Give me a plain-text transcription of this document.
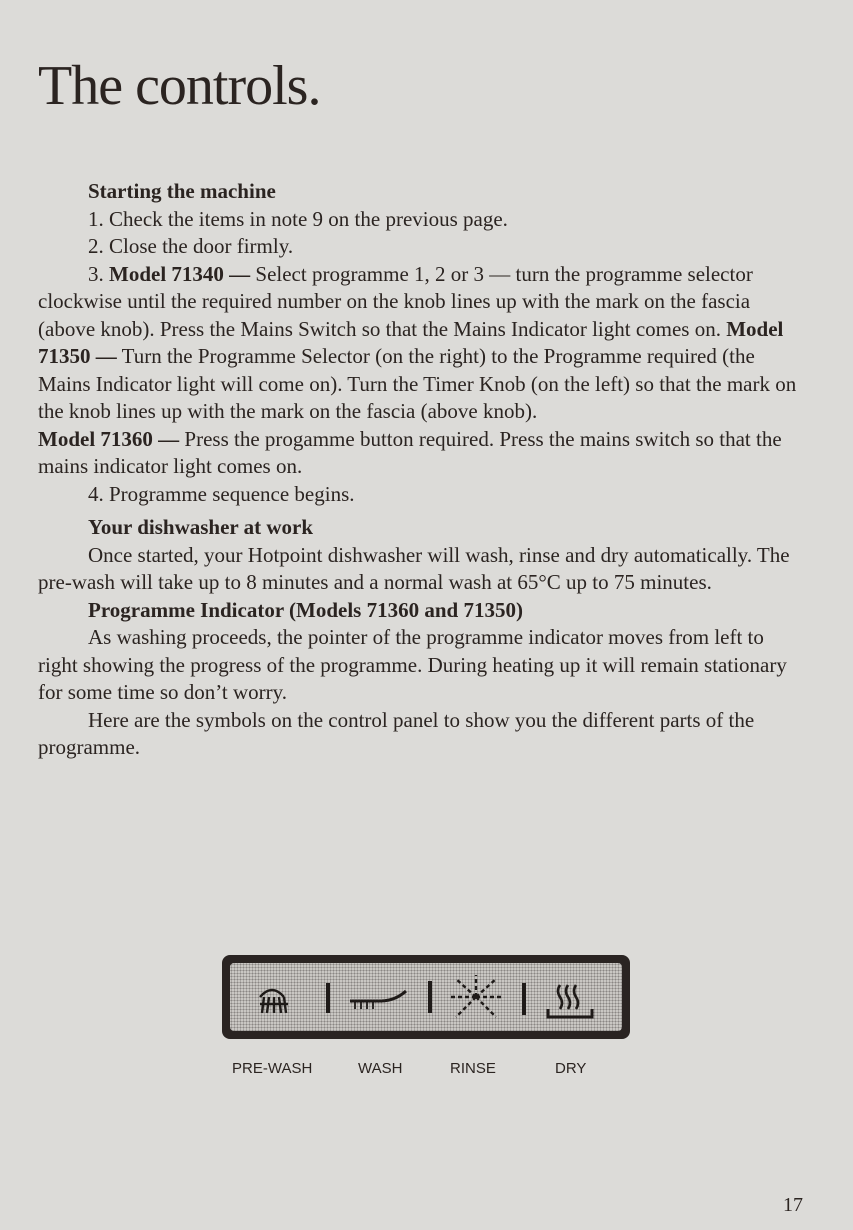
The controls.
Starting the machine

1. Check the items in note 9 on the previous page.

2. Close the door firmly.

3. Model 71340 — Select programme 1, 2 or 3 — turn the programme selector clockwise until the required number on the knob lines up with the mark on the fascia (above knob). Press the Mains Switch so that the Mains Indicator light comes on. Model 71350 — Turn the Programme Selector (on the right) to the Programme required (the Mains Indicator light will come on). Turn the Timer Knob (on the left) so that the mark on the knob lines up with the mark on the fascia (above knob).
Model 71360 — Press the progamme button required. Press the mains switch so that the mains indicator light comes on.

4. Programme sequence begins.

Your dishwasher at work

Once started, your Hotpoint dishwasher will wash, rinse and dry automatically. The pre-wash will take up to 8 minutes and a normal wash at 65°C up to 75 minutes.

Programme Indicator (Models 71360 and 71350)

As washing proceeds, the pointer of the programme indicator moves from left to right showing the progress of the programme. During heating up it will remain stationary for some time so don’t worry.

Here are the symbols on the control panel to show you the different parts of the programme.

PRE-WASH	WASH	RINSE	DRY
17
